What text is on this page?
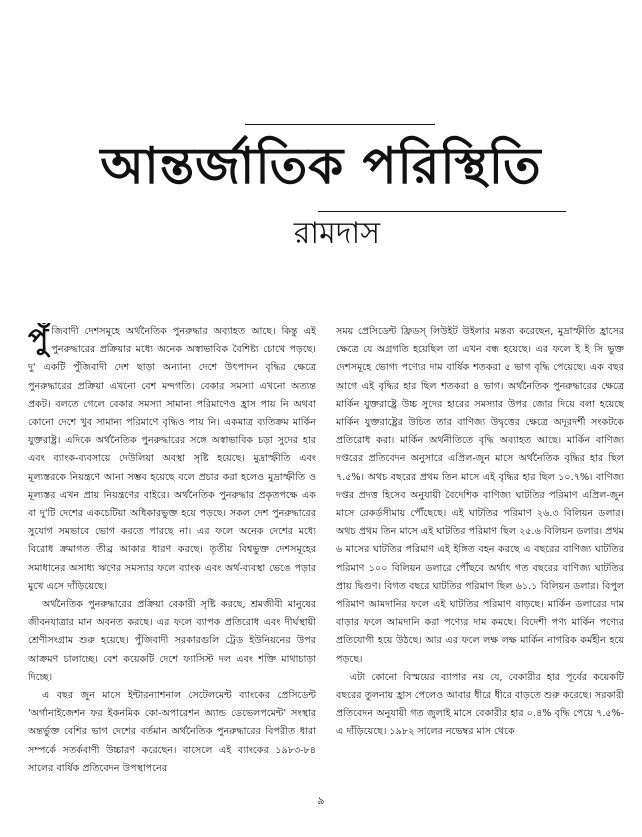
আন্তর্জাতিক পরিস্থিতি
রামদাস

পুঁজিবাদী দেশসমূহে অর্থনৈতিক পুনরুদ্ধার অব্যাহত আছে। কিন্তু এই পুনরুদ্ধারের প্রক্রিয়ার মধ্যে অনেক অস্বাভাবিক বৈশিষ্ট্য চোখে পড়ছে। দু' একটি পুঁজিবাদী দেশ ছাড়া অন্যান্য দেশে উৎপাদন বৃদ্ধির ক্ষেত্রে পুনরুদ্ধারের প্রক্রিয়া এখনো বেশ মন্দগতি। বেকার সমস্যা এখনো অত্যন্ত প্রকট। বলতে গেলে বেকার সমস্যা সামান্য পরিমাণেও হ্রাস পায় নি অথবা কোনো দেশে খুব সামান্য পরিমাণে বৃদ্ধিও পায় নি। একমাত্র ব্যতিক্রম মার্কিন যুক্তরাষ্ট্র। এদিকে অর্থনৈতিক পুনরুদ্ধারের সঙ্গে অস্বাভাবিক চড়া সুদের হার এবং ব্যাংক-ব্যবসায়ে দেউলিয়া অবস্থা সৃষ্টি হয়েছে। মুদ্রাস্ফীতি এবং মূল্যস্তরকে নিয়ন্ত্রণে আনা সম্ভব হয়েছে বলে প্রচার করা হলেও মুদ্রাস্ফীতি ও মূল্যস্তর এখন প্রায় নিয়ন্ত্রণের বাইরে। অর্থনৈতিক পুনরুদ্ধার প্রকৃতপক্ষে এক বা দু'টি দেশের একচেটিয়া অধিকারভুক্ত হয়ে পড়ছে। সকল দেশ পুনরুদ্ধারের সুযোগ সমভাবে ভোগ করতে পারছে না। এর ফলে অনেক দেশের মধ্যে বিরোধ ক্রমাগত তীব্র আকার ধারণ করছে। তৃতীয় বিশ্বভুক্ত দেশসমূহের সমাধানের অসাধ্য ঋণের সমস্যার ফলে ব্যাংক এবং অর্থ-ব্যবস্থা ভেঙে পড়ার মুখে এসে দাঁড়িয়েছে।

অর্থনৈতিক পুনরুদ্ধারের প্রক্রিয়া বেকারী সৃষ্টি করছে, শ্রমজীবী মানুষের জীবনযাত্রার মান অবনত করছে। এর ফলে ব্যাপক প্রতিরোধ এবং দীর্ঘস্থায়ী শ্রেণীসংগ্রাম শুরু হয়েছে। পুঁজিবাদী সরকারগুলি ট্রেড ইউনিয়নের উপর আক্রমণ চালাচ্ছে। বেশ কয়েকটি দেশে ফ্যাসিস্ট দল এবং শক্তি মাথাচাড়া দিচ্ছে।

এ বছর জুন মাসে ইন্টারন্যাশনাল সেটেলমেন্ট ব্যাংকের প্রেসিডেন্ট 'অর্গানাইজেশন ফর ইকনমিক কো-অপারেশন অ্যান্ড ডেভেলপমেন্ট' সংস্থার অন্তর্ভুক্ত বেশির ভাগ দেশের বর্তমান অর্থনৈতিক পুনরুদ্ধারের বিপরীত ধারা সম্পর্কে সতর্কবাণী উচ্চারণ করেছেন। বাসেলে এই ব্যাংকের ১৯৮৩-৮৪ সালের বার্ষিক প্রতিবেদন উপস্থাপনের

সময় প্রেসিডেন্ট ফ্রিডস্ লিউইট উইলার মন্তব্য করেছেন, মুদ্রাস্ফীতি হ্রাসের ক্ষেত্রে যে অগ্রগতি হয়েছিল তা এখন বন্ধ হয়েছে। এর ফলে ই ই সি ভুক্ত দেশসমূহে ভোগ্য পণ্যের দাম বার্ষিক শতকরা ৫ ভাগ বৃদ্ধি পেয়েছে। এক বছর আগে এই বৃদ্ধির হার ছিল শতকরা ৪ ভাগ। অর্থনৈতিক পুনরুদ্ধারের ক্ষেত্রে মার্কিন যুক্তরাষ্ট্রে উচ্চ সুদের হারের সমস্যার উপর জোর দিয়ে বলা হয়েছে মার্কিন যুক্তরাষ্ট্রের উচিত তার বাণিজ্য উদ্বৃত্তের ক্ষেত্রে অদূরদর্শী সংকটকে প্রতিরোধ করা। মার্কিন অর্থনীতিতে বৃদ্ধি অব্যাহত আছে। মার্কিন বাণিজ্য দপ্তরের প্রতিবেদন অনুসারে এপ্রিল-জুন মাসে অর্থনৈতিক বৃদ্ধির হার ছিল ৭.৫%। অথচ বছরের প্রথম তিন মাসে এই বৃদ্ধির হার ছিল ১০.৭%। বাণিজ্য দপ্তর প্রদত্ত হিসেব অনুযায়ী বৈদেশিক বাণিজ্য ঘাটতির পরিমাণ এপ্রিল-জুন মাসে রেকর্ডসীমায় পৌঁছেছে। এই ঘাটতির পরিমাণ ২৬.৩ বিলিয়ন ডলার। অথচ প্রথম তিন মাসে এই ঘাটতির পরিমাণ ছিল ২৫.৬ বিলিয়ন ডলার। প্রথম ৬ মাসের ঘাটতির পরিমাণ এই ইঙ্গিত বহন করছে এ বছরের বাণিজ্য ঘাটতির পরিমাণ ১০০ বিলিয়ন ডলারে পৌঁছবে অর্থাৎ গত বছরের বাণিজ্য ঘাটতির প্রায় দ্বিগুণ। বিগত বছরে ঘাটতির পরিমাণ ছিল ৬১.১ বিলিয়ন ডলার। বিপুল পরিমাণ আমদানির ফলে এই ঘাটতির পরিমাণ বাড়ছে। মার্কিন ডলারের দাম বাড়ার ফলে আমদানি করা পণ্যের দাম কমছে। বিদেশী পণ্য মার্কিন পণ্যের প্রতিযোগী হয়ে উঠছে। আর এর ফলে লক্ষ লক্ষ মার্কিন নাগরিক কর্মহীন হয়ে পড়ছে।

এটা কোনো বিস্ময়ের ব্যাপার নয় যে, বেকারীর হার পূর্বের কয়েকটি বছরের তুলনায় হ্রাস পেলেও আবার ধীরে ধীরে বাড়তে শুরু করেছে। সরকারী প্রতিবেদন অনুযায়ী গত জুলাই মাসে বেকারীর হার ০.৪% বৃদ্ধি পেয়ে ৭.৫%-এ দাঁড়িয়েছে। ১৯৮২ সালের নভেম্বর মাস থেকে

৯
